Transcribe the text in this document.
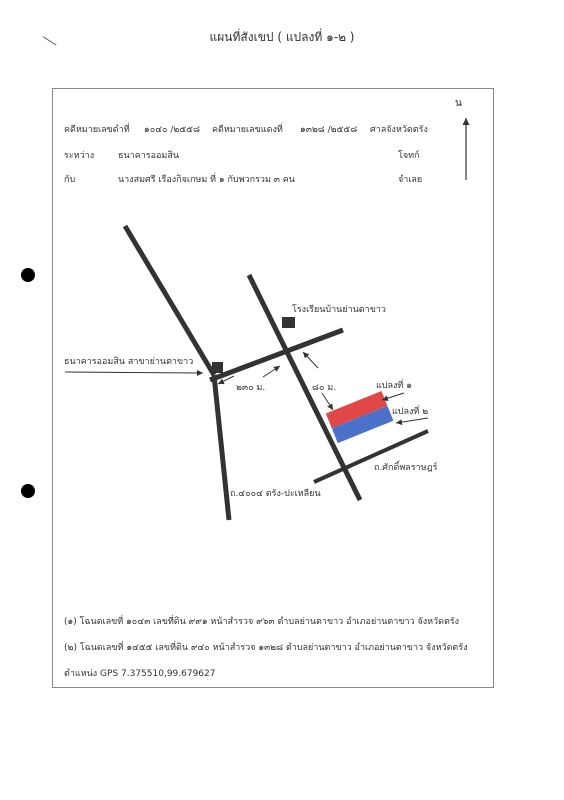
╲	แผนที่สังเขป ( แปลงที่ ๑-๒ )
น
คดีหมายเลขดำที่ ๑๐๔๐ /๒๕๕๘ คดีหมายเลขแดงที่ ๑๓๒๘ /๒๕๕๘ ศาลจังหวัดตรัง
ระหว่าง	ธนาคารออมสิน	โจทก์
กับ	นางสมศรี เรืองกิจเกษม ที่ ๑ กับพวกรวม ๓ คน	จำเลย
โรงเรียนบ้านย่านตาขาว
ธนาคารออมสิน สาขาย่านตาขาว
๒๓๐ ม.	๘๐ ม.	แปลงที่ ๑
แปลงที่ ๒
ถ.ศักดิ์พลราษฎร์
ถ.๔๐๐๔ ตรัง-ปะเหลียน
(๑) โฉนดเลขที่ ๑๐๔๓ เลขที่ดิน ๙๙๑ หน้าสำรวจ ๙๖๓ ตำบลย่านตาขาว อำเภอย่านตาขาว จังหวัดตรัง
(๒) โฉนดเลขที่ ๑๔๕๕ เลขที่ดิน ๙๔๐ หน้าสำรวจ ๑๓๒๘ ตำบลย่านตาขาว อำเภอย่านตาขาว จังหวัดตรัง
ตำแหน่ง GPS 7.375510,99.679627
